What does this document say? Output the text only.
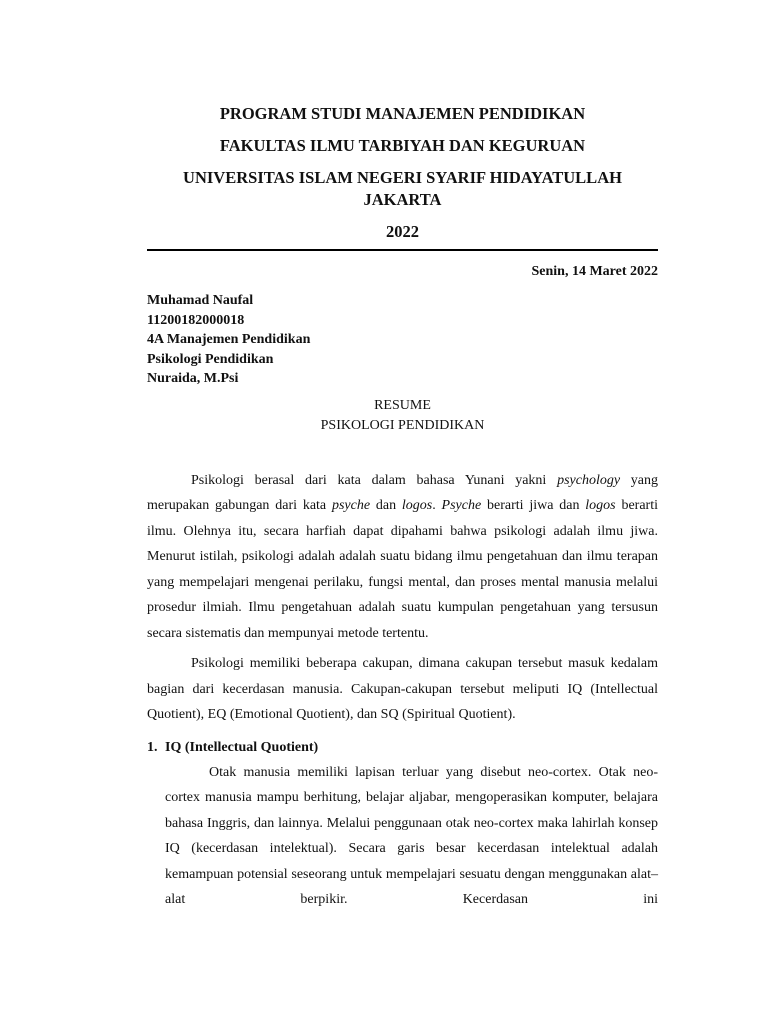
PROGRAM STUDI MANAJEMEN PENDIDIKAN

FAKULTAS ILMU TARBIYAH DAN KEGURUAN

UNIVERSITAS ISLAM NEGERI SYARIF HIDAYATULLAH

JAKARTA

2022

Senin, 14 Maret 2022
Muhamad Naufal
11200182000018
4A Manajemen Pendidikan
Psikologi Pendidikan
Nuraida, M.Psi
RESUME
PSIKOLOGI PENDIDIKAN

Psikologi berasal dari kata dalam bahasa Yunani yakni psychology yang merupakan gabungan dari kata psyche dan logos. Psyche berarti jiwa dan logos berarti ilmu. Olehnya itu, secara harfiah dapat dipahami bahwa psikologi adalah ilmu jiwa. Menurut istilah, psikologi adalah adalah suatu bidang ilmu pengetahuan dan ilmu terapan yang mempelajari mengenai perilaku, fungsi mental, dan proses mental manusia melalui prosedur ilmiah. Ilmu pengetahuan adalah suatu kumpulan pengetahuan yang tersusun secara sistematis dan mempunyai metode tertentu.

Psikologi memiliki beberapa cakupan, dimana cakupan tersebut masuk kedalam bagian dari kecerdasan manusia. Cakupan-cakupan tersebut meliputi IQ (Intellectual Quotient), EQ (Emotional Quotient), dan SQ (Spiritual Quotient).

1. IQ (Intellectual Quotient)

Otak manusia memiliki lapisan terluar yang disebut neo-cortex. Otak neo-cortex manusia mampu berhitung, belajar aljabar, mengoperasikan komputer, belajara bahasa Inggris, dan lainnya. Melalui penggunaan otak neo-cortex maka lahirlah konsep IQ (kecerdasan intelektual). Secara garis besar kecerdasan intelektual adalah kemampuan potensial seseorang untuk mempelajari sesuatu dengan menggunakan alat–alat berpikir. Kecerdasan ini
